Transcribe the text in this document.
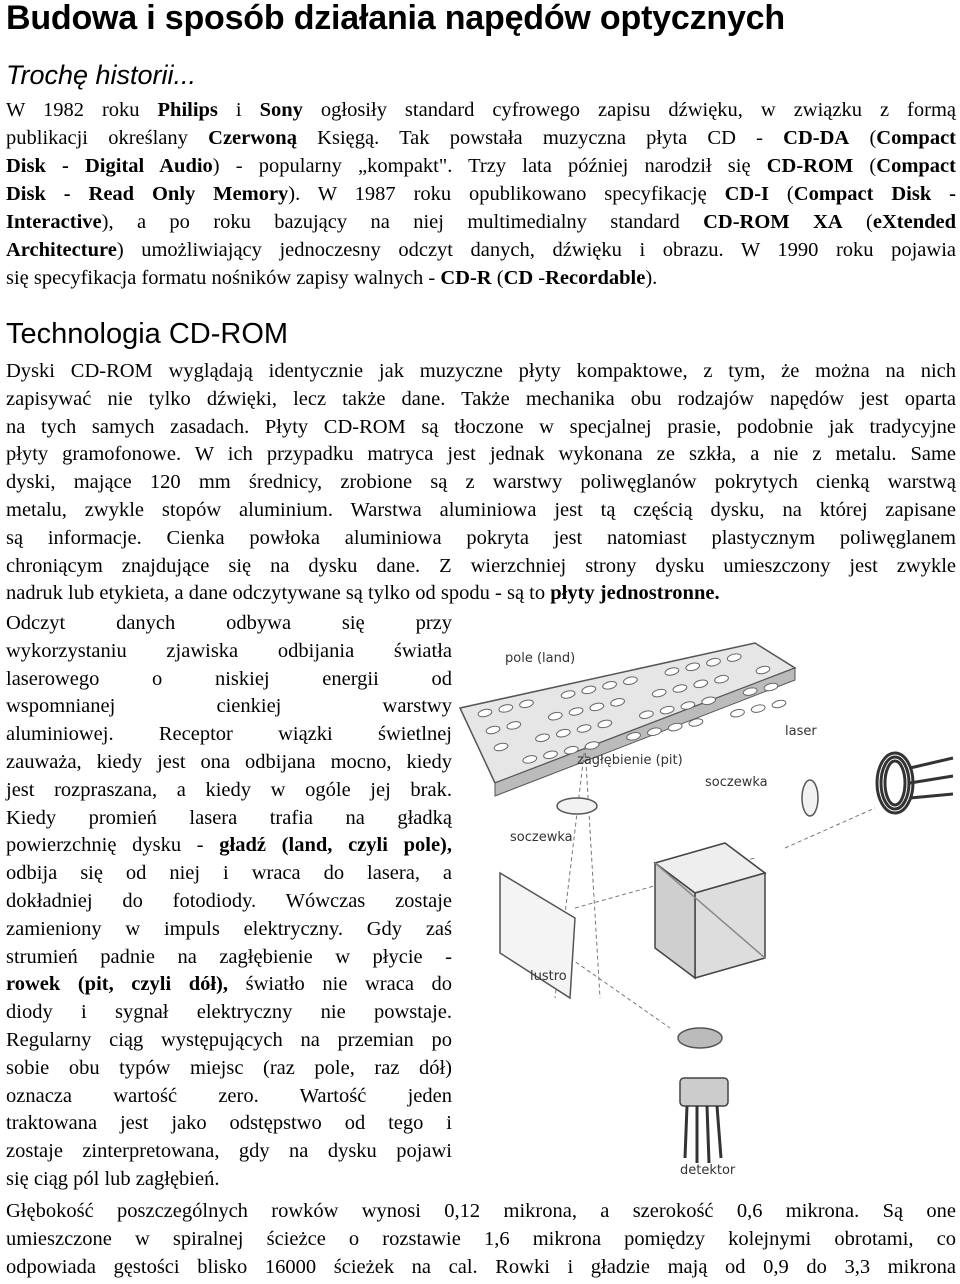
Budowa i sposób działania napędów optycznych
Trochę historii...
W 1982 roku Philips i Sony ogłosiły standard cyfrowego zapisu dźwięku, w związku z formą
publikacji określany Czerwoną Księgą. Tak powstała muzyczna płyta CD - CD-DA (Compact
Disk - Digital Audio) - popularny „kompakt". Trzy lata później narodził się CD-ROM (Compact
Disk - Read Only Memory). W 1987 roku opublikowano specyfikację CD-I (Compact Disk -
Interactive), a po roku bazujący na niej multimedialny standard CD-ROM XA (eXtended
Architecture) umożliwiający jednoczesny odczyt danych, dźwięku i obrazu. W 1990 roku pojawia
się specyfikacja formatu nośników zapisy walnych - CD-R (CD -Recordable).
Technologia CD-ROM
Dyski CD-ROM wyglądają identycznie jak muzyczne płyty kompaktowe, z tym, że można na nich
zapisywać nie tylko dźwięki, lecz także dane. Także mechanika obu rodzajów napędów jest oparta
na tych samych zasadach. Płyty CD-ROM są tłoczone w specjalnej prasie, podobnie jak tradycyjne
płyty gramofonowe. W ich przypadku matryca jest jednak wykonana ze szkła, a nie z metalu. Same
dyski, mające 120 mm średnicy, zrobione są z warstwy poliwęglanów pokrytych cienką warstwą
metalu, zwykle stopów aluminium. Warstwa aluminiowa jest tą częścią dysku, na której zapisane
są informacje. Cienka powłoka aluminiowa pokryta jest natomiast plastycznym poliwęglanem
chroniącym znajdujące się na dysku dane. Z wierzchniej strony dysku umieszczony jest zwykle
nadruk lub etykieta, a dane odczytywane są tylko od spodu - są to płyty jednostronne.
Odczyt danych odbywa się przy
wykorzystaniu zjawiska odbijania światła
laserowego o niskiej energii od
wspomnianej cienkiej warstwy
aluminiowej. Receptor wiązki świetlnej
zauważa, kiedy jest ona odbijana mocno, kiedy
jest rozpraszana, a kiedy w ogóle jej brak.
Kiedy promień lasera trafia na gładką
powierzchnię dysku - gładź (land, czyli pole),
odbija się od niej i wraca do lasera, a
dokładniej do fotodiody. Wówczas zostaje
zamieniony w impuls elektryczny. Gdy zaś
strumień padnie na zagłębienie w płycie -
rowek (pit, czyli dół), światło nie wraca do
diody i sygnał elektryczny nie powstaje.
Regularny ciąg występujących na przemian po
sobie obu typów miejsc (raz pole, raz dół)
oznacza wartość zero. Wartość jeden
traktowana jest jako odstępstwo od tego i
zostaje zinterpretowana, gdy na dysku pojawi
się ciąg pól lub zagłębień.
Głębokość poszczególnych rowków wynosi 0,12 mikrona, a szerokość 0,6 mikrona. Są one
umieszczone w spiralnej ścieżce o rozstawie 1,6 mikrona pomiędzy kolejnymi obrotami, co
odpowiada gęstości blisko 16000 ścieżek na cal. Rowki i gładzie mają od 0,9 do 3,3 mikrona
pole (land)
laser
zagłębienie (pit)
soczewka
soczewka
lustro
detektor
